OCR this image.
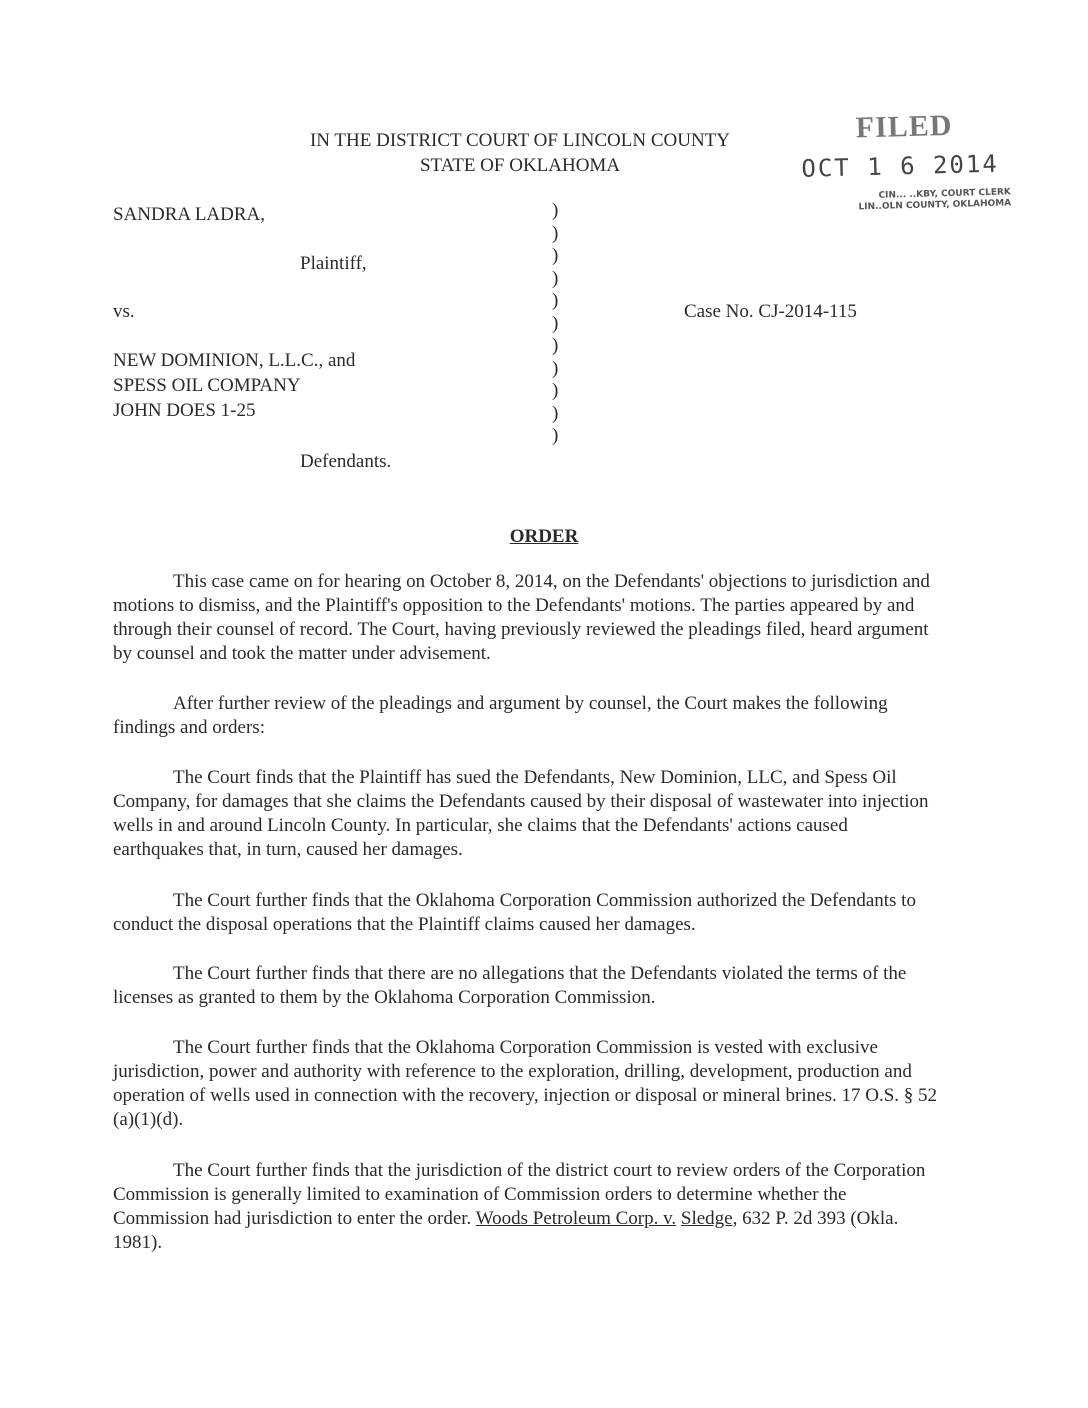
IN THE DISTRICT COURT OF LINCOLN COUNTY
STATE OF OKLAHOMA
FILED
OCT 1 6 2014
CIN... ..KBY, COURT CLERK
LIN..OLN COUNTY, OKLAHOMA
SANDRA LADRA,
Plaintiff,
vs.
NEW DOMINION, L.L.C., and
SPESS OIL COMPANY
JOHN DOES 1-25
Defendants.
)
)
)
)
)
)
)
)
)
)
)
Case No. CJ-2014-115
ORDER

This case came on for hearing on October 8, 2014, on the Defendants' objections to jurisdiction and motions to dismiss, and the Plaintiff's opposition to the Defendants' motions. The parties appeared by and through their counsel of record. The Court, having previously reviewed the pleadings filed, heard argument by counsel and took the matter under advisement.

After further review of the pleadings and argument by counsel, the Court makes the following findings and orders:

The Court finds that the Plaintiff has sued the Defendants, New Dominion, LLC, and Spess Oil Company, for damages that she claims the Defendants caused by their disposal of wastewater into injection wells in and around Lincoln County. In particular, she claims that the Defendants' actions caused earthquakes that, in turn, caused her damages.

The Court further finds that the Oklahoma Corporation Commission authorized the Defendants to conduct the disposal operations that the Plaintiff claims caused her damages.

The Court further finds that there are no allegations that the Defendants violated the terms of the licenses as granted to them by the Oklahoma Corporation Commission.

The Court further finds that the Oklahoma Corporation Commission is vested with exclusive jurisdiction, power and authority with reference to the exploration, drilling, development, production and operation of wells used in connection with the recovery, injection or disposal or mineral brines. 17 O.S. § 52 (a)(1)(d).

The Court further finds that the jurisdiction of the district court to review orders of the Corporation Commission is generally limited to examination of Commission orders to determine whether the Commission had jurisdiction to enter the order. Woods Petroleum Corp. v. Sledge, 632 P. 2d 393 (Okla. 1981).
